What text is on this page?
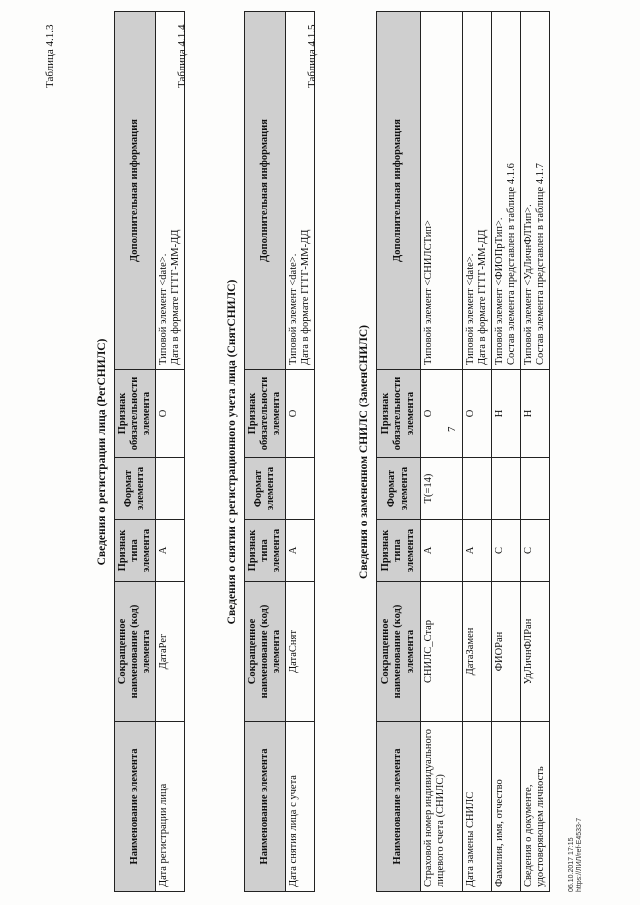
7
Таблица 4.1.3
Сведения о регистрации лица (РегСНИЛС)
Наименование элемента	Сокращенное наименование (код) элемента	Признак типа элемента	Формат элемента	Признак обязательности элемента	Дополнительная информация
Дата регистрации лица	ДатаРег	А		О	Типовой элемент <date>.
Дата в формате ГГГГ-ММ-ДД
Таблица 4.1.4
Сведения о снятии с регистрационного учета лица (СнятСНИЛС)
Наименование элемента	Сокращенное наименование (код) элемента	Признак типа элемента	Формат элемента	Признак обязательности элемента	Дополнительная информация
Дата снятия лица с учета	ДатаСнят	А		О	Типовой элемент <date>.
Дата в формате ГГГГ-ММ-ДД
Таблица 4.1.5
Сведения о замененном СНИЛС (ЗаменСНИЛС)
Наименование элемента	Сокращенное наименование (код) элемента	Признак типа элемента	Формат элемента	Признак обязательности элемента	Дополнительная информация
Страховой номер индивидуального лицевого счета (СНИЛС)	СНИЛС_Стар	А	T(=14)	О	Типовой элемент <СНИЛСТип>
Дата замены СНИЛС	ДатаЗамен	А		О	Типовой элемент <date>.
Дата в формате ГГГГ-ММ-ДД
Фамилия, имя, отчество	ФИОРан	С		Н	Типовой элемент <ФИОПрТип>.
Состав элемента представлен в таблице 4.1.6
Сведения о документе, удостоверяющем личность	УдЛичнФЛРан	С		Н	Типовой элемент <УдЛичнФЛТип>.
Состав элемента представлен в таблице 4.1.7
06.10.2017 17:15 https://ЛИЛ/ref-E4533-7
